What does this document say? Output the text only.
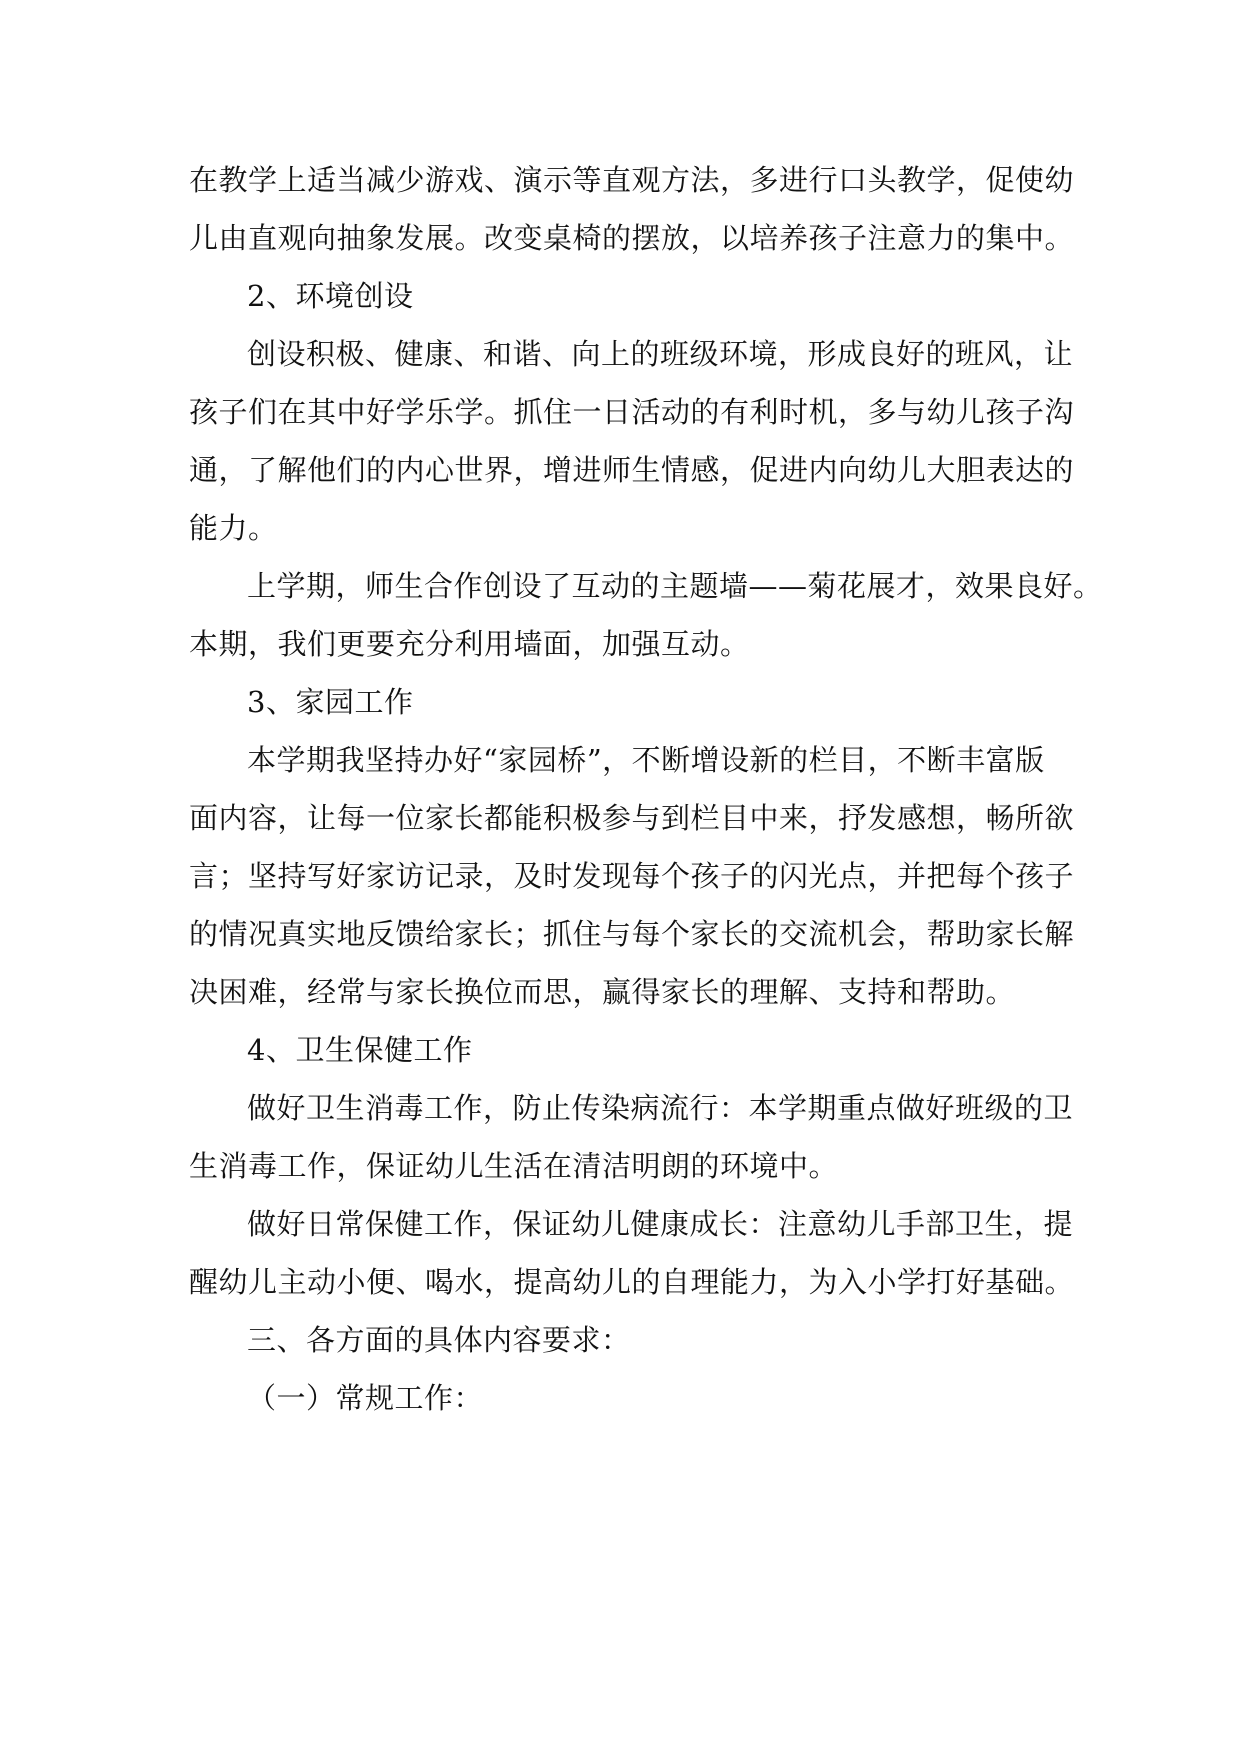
在教学上适当减少游戏、演示等直观方法，多进行口头教学，促使幼
儿由直观向抽象发展。改变桌椅的摆放，以培养孩子注意力的集中。
2、环境创设
创设积极、健康、和谐、向上的班级环境，形成良好的班风，让
孩子们在其中好学乐学。抓住一日活动的有利时机，多与幼儿孩子沟
通，了解他们的内心世界，增进师生情感，促进内向幼儿大胆表达的
能力。
上学期，师生合作创设了互动的主题墙——菊花展才，效果良好。
本期，我们更要充分利用墙面，加强互动。
3、家园工作
本学期我坚持办好“家园桥”，不断增设新的栏目，不断丰富版
面内容，让每一位家长都能积极参与到栏目中来，抒发感想，畅所欲
言；坚持写好家访记录，及时发现每个孩子的闪光点，并把每个孩子
的情况真实地反馈给家长；抓住与每个家长的交流机会，帮助家长解
决困难，经常与家长换位而思，赢得家长的理解、支持和帮助。
4、卫生保健工作
做好卫生消毒工作，防止传染病流行：本学期重点做好班级的卫
生消毒工作，保证幼儿生活在清洁明朗的环境中。
做好日常保健工作，保证幼儿健康成长：注意幼儿手部卫生，提
醒幼儿主动小便、喝水，提高幼儿的自理能力，为入小学打好基础。
三、各方面的具体内容要求：
（一）常规工作：
